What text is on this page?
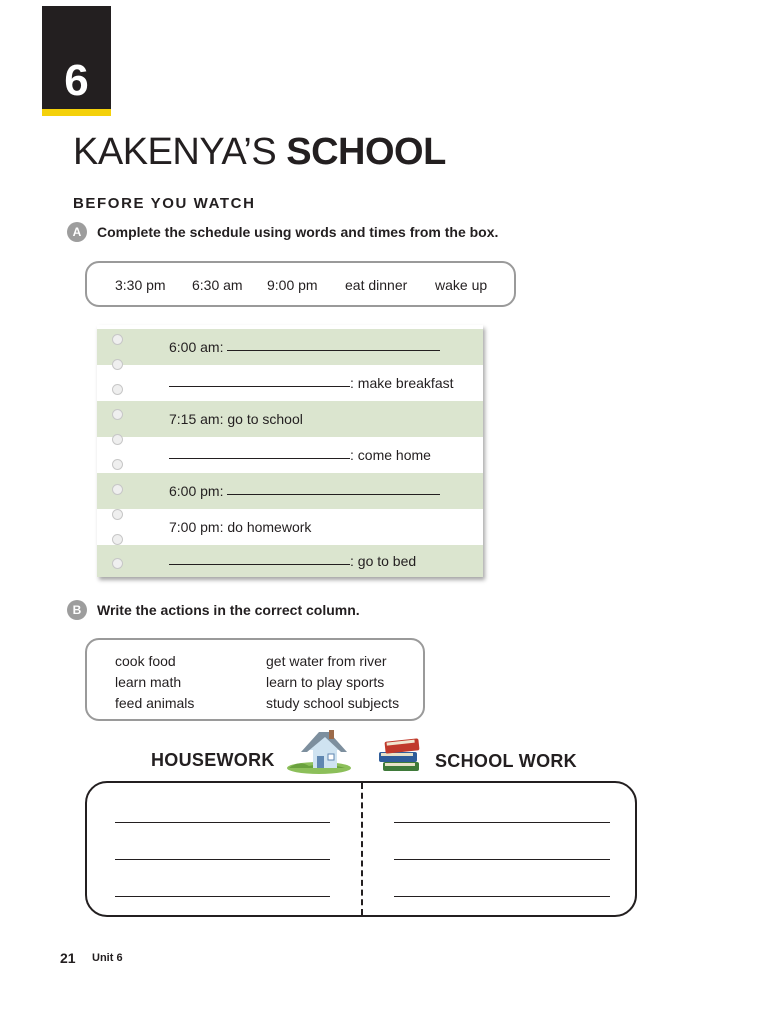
6
KAKENYA’S SCHOOL
BEFORE YOU WATCH
A	Complete the schedule using words and times from the box.
3:30 pm 6:30 am 9:00 pm eat dinner wake up
6:00 am:
: make breakfast
7:15 am: go to school
: come home
6:00 pm:
7:00 pm: do homework
: go to bed
B	Write the actions in the correct column.
cook food
learn math
feed animals
get water from river
learn to play sports
study school subjects
HOUSEWORK	SCHOOL WORK
21 Unit 6
